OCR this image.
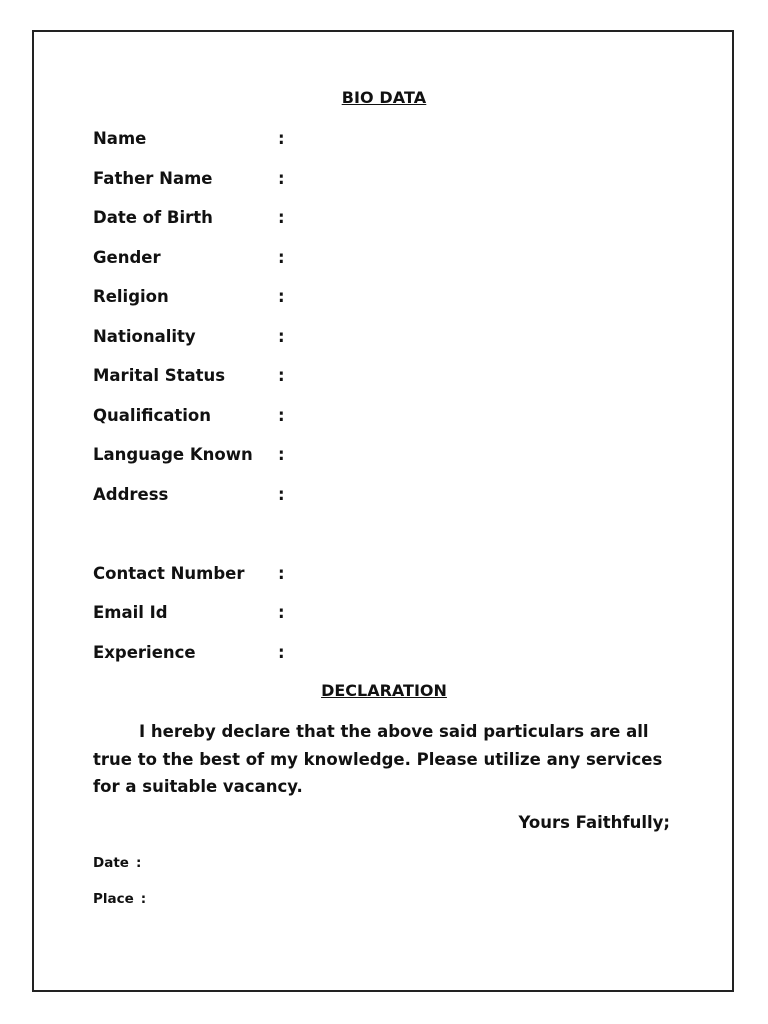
BIO DATA
Name	:
Father Name	:
Date of Birth	:
Gender	:
Religion	:
Nationality	:
Marital Status	:
Qualification	:
Language Known :
Address	:
Contact Number :
Email Id	:
Experience	:
DECLARATION
I hereby declare that the above said particulars are all true to the best of my knowledge. Please utilize any services for a suitable vacancy.
Yours Faithfully;
Date :
Place :
